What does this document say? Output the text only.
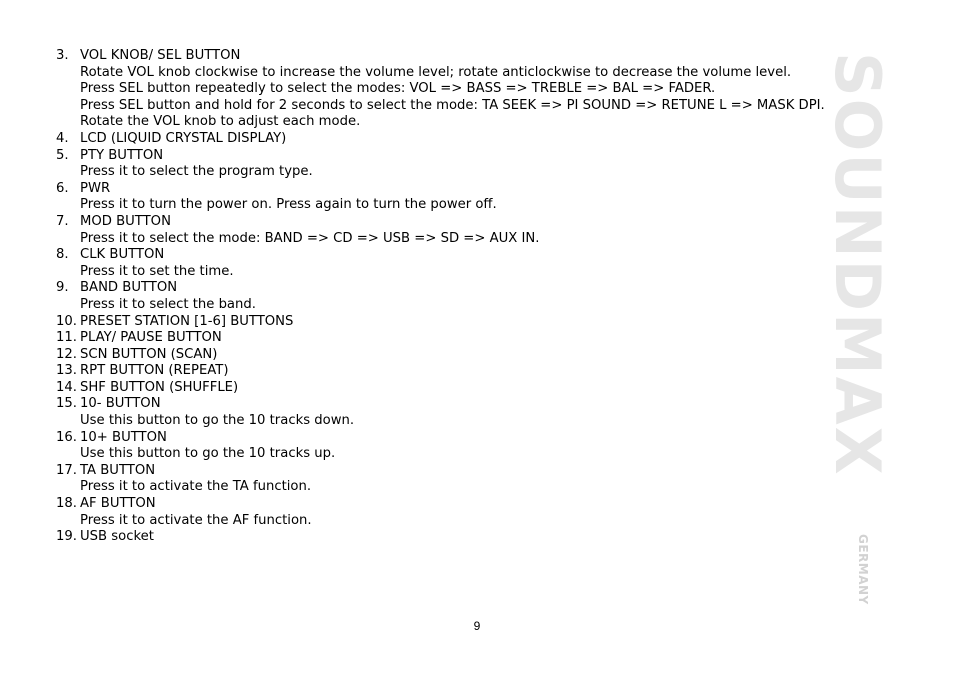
3. VOL KNOB/ SEL BUTTON
Rotate VOL knob clockwise to increase the volume level; rotate anticlockwise to decrease the volume level.
Press SEL button repeatedly to select the modes: VOL => BASS => TREBLE => BAL => FADER.
Press SEL button and hold for 2 seconds to select the mode: TA SEEK => PI SOUND => RETUNE L => MASK DPI.
Rotate the VOL knob to adjust each mode.
4. LCD (LIQUID CRYSTAL DISPLAY)
5. PTY BUTTON
Press it to select the program type.
6. PWR
Press it to turn the power on. Press again to turn the power off.
7. MOD BUTTON
Press it to select the mode: BAND => CD => USB => SD => AUX IN.
8. CLK BUTTON
Press it to set the time.
9. BAND BUTTON
Press it to select the band.
10. PRESET STATION [1-6] BUTTONS
11. PLAY/ PAUSE BUTTON
12. SCN BUTTON (SCAN)
13. RPT BUTTON (REPEAT)
14. SHF BUTTON (SHUFFLE)
15. 10- BUTTON
Use this button to go the 10 tracks down.
16. 10+ BUTTON
Use this button to go the 10 tracks up.
17. TA BUTTON
Press it to activate the TA function.
18. AF BUTTON
Press it to activate the AF function.
19. USB socket
9
SOUNDMAX
GERMANY
